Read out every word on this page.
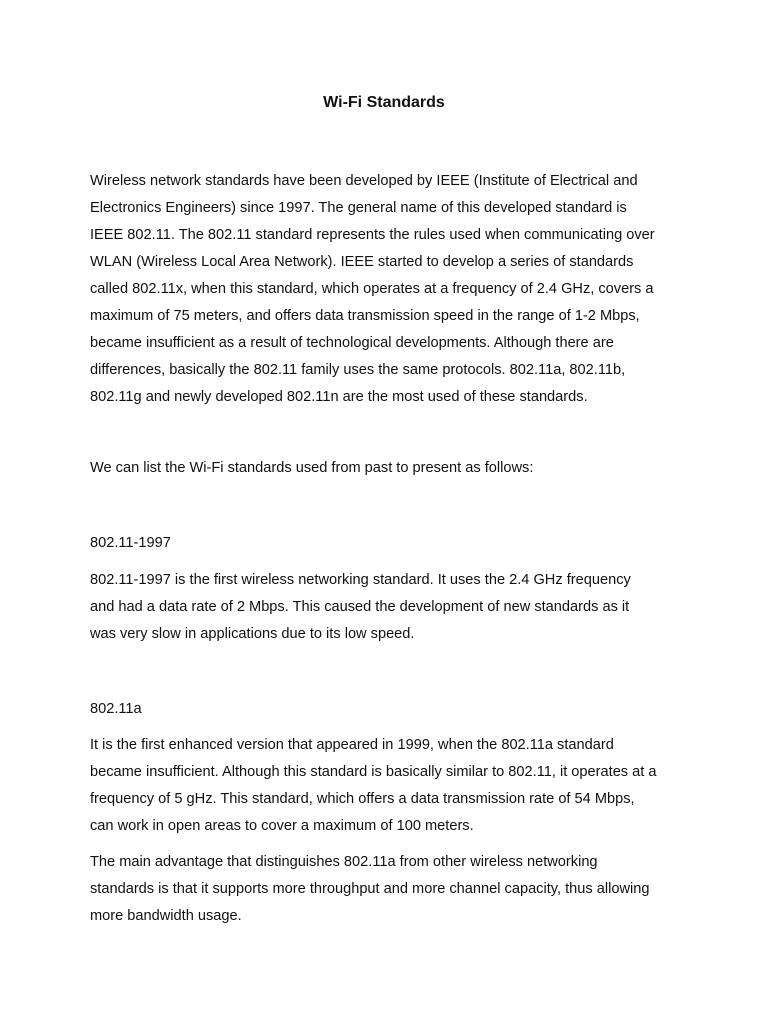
Wi-Fi Standards

Wireless network standards have been developed by IEEE (Institute of Electrical and
Electronics Engineers) since 1997. The general name of this developed standard is
IEEE 802.11. The 802.11 standard represents the rules used when communicating over
WLAN (Wireless Local Area Network). IEEE started to develop a series of standards
called 802.11x, when this standard, which operates at a frequency of 2.4 GHz, covers a
maximum of 75 meters, and offers data transmission speed in the range of 1-2 Mbps,
became insufficient as a result of technological developments. Although there are
differences, basically the 802.11 family uses the same protocols. 802.11a, 802.11b,
802.11g and newly developed 802.11n are the most used of these standards.

We can list the Wi-Fi standards used from past to present as follows:

802.11-1997

802.11-1997 is the first wireless networking standard. It uses the 2.4 GHz frequency
and had a data rate of 2 Mbps. This caused the development of new standards as it
was very slow in applications due to its low speed.

802.11a

It is the first enhanced version that appeared in 1999, when the 802.11a standard
became insufficient. Although this standard is basically similar to 802.11, it operates at a
frequency of 5 gHz. This standard, which offers a data transmission rate of 54 Mbps,
can work in open areas to cover a maximum of 100 meters.

The main advantage that distinguishes 802.11a from other wireless networking
standards is that it supports more throughput and more channel capacity, thus allowing
more bandwidth usage.
